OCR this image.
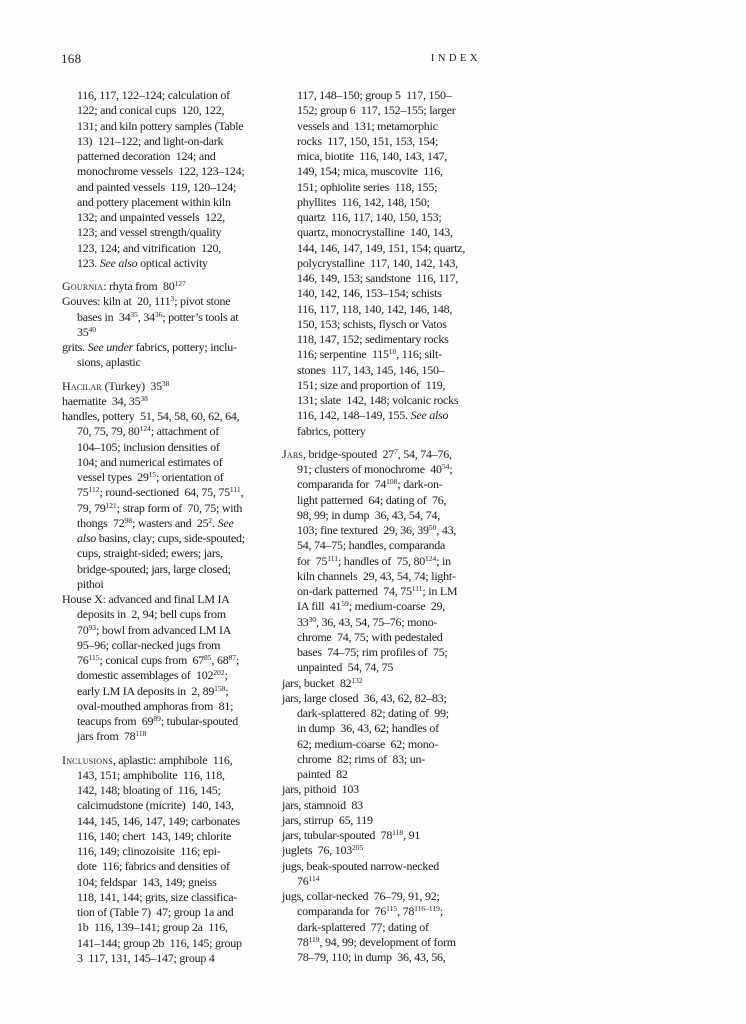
168	INDEX
116, 117, 122–124; calculation of
122; and conical cups  120, 122,
131; and kiln pottery samples (Table
13)  121–122; and light-on-dark
patterned decoration  124; and
monochrome vessels  122, 123–124;
and painted vessels  119, 120–124;
and pottery placement within kiln
132; and unpainted vessels  122,
123; and vessel strength/quality
123, 124; and vitrification  120,
123. See also optical activity
Gournia: rhyta from  $80^{127}$
Gouves: kiln at  20, $111^3$; pivot stone
bases in  $34^{35}$, $34^{36}$; potter’s tools at
$35^{40}$
grits. See under fabrics, pottery; inclu-
sions, aplastic
Hacilar (Turkey)  $35^{38}$
haematite  34, $35^{38}$
handles, pottery  51, 54, 58, 60, 62, 64,
70, 75, 79, $80^{124}$; attachment of
104–105; inclusion densities of
104; and numerical estimates of
vessel types  $29^{15}$; orientation of
$75^{112}$; round-sectioned  64, 75, $75^{111}$,
79, $79^{121}$; strap form of  70, 75; with
thongs  $72^{98}$; wasters and  $25^2$. See
also basins, clay; cups, side-spouted;
cups, straight-sided; ewers; jars,
bridge-spouted; jars, large closed;
pithoi
House X: advanced and final LM IA
deposits in  2, 94; bell cups from
$70^{93}$; bowl from advanced LM IA
95–96; collar-necked jugs from
$76^{115}$; conical cups from  $67^{85}$, $68^{87}$;
domestic assemblages of  $102^{202}$;
early LM IA deposits in  2, $89^{158}$;
oval-mouthed amphoras from  81;
teacups from  $69^{89}$; tubular-spouted
jars from  $78^{118}$
Inclusions, aplastic: amphibole  116,
143, 151; amphibolite  116, 118,
142, 148; bloating of  116, 145;
calcimudstone (micrite)  140, 143,
144, 145, 146, 147, 149; carbonates
116, 140; chert  143, 149; chlorite
116, 149; clinozoisite  116; epi-
dote  116; fabrics and densities of
104; feldspar  143, 149; gneiss
118, 141, 144; grits, size classifica-
tion of (Table 7)  47; group 1a and
1b  116, 139–141; group 2a  116,
141–144; group 2b  116, 145; group
3  117, 131, 145–147; group 4
117, 148–150; group 5  117, 150–
152; group 6  117, 152–155; larger
vessels and  131; metamorphic
rocks  117, 150, 151, 153, 154;
mica, biotite  116, 140, 143, 147,
149, 154; mica, muscovite  116,
151; ophiolite series  118, 155;
phyllites  116, 142, 148, 150;
quartz  116, 117, 140, 150, 153;
quartz, monocrystalline  140, 143,
144, 146, 147, 149, 151, 154; quartz,
polycrystalline  117, 140, 142, 143,
146, 149, 153; sandstone  116, 117,
140, 142, 146, 153–154; schists
116, 117, 118, 140, 142, 146, 148,
150, 153; schists, flysch or Vatos
118, 147, 152; sedimentary rocks
116; serpentine  $115^{10}$, 116; silt-
stones  117, 143, 145, 146, 150–
151; size and proportion of  119,
131; slate  142, 148; volcanic rocks
116, 142, 148–149, 155. See also
fabrics, pottery
Jars, bridge-spouted  $27^7$, 54, 74–76,
91; clusters of monochrome  $40^{54}$;
comparanda for  $74^{108}$; dark-on-
light patterned  64; dating of  76,
98, 99; in dump  36, 43, 54, 74,
103; fine textured  29, 36, $39^{50}$, 43,
54, 74–75; handles, comparanda
for  $75^{111}$; handles of  75, $80^{124}$; in
kiln channels  29, 43, 54, 74; light-
on-dark patterned  74, $75^{111}$; in LM
IA fill  $41^{59}$; medium-coarse  29,
$33^{30}$, 36, 43, 54, 75–76; mono-
chrome  74, 75; with pedestaled
bases  74–75; rim profiles of  75;
unpainted  54, 74, 75
jars, bucket  $82^{132}$
jars, large closed  36, 43, 62, 82–83;
dark-splattered  82; dating of  99;
in dump  36, 43, 62; handles of
62; medium-coarse  62; mono-
chrome  82; rims of  83; un-
painted  82
jars, pithoid  103
jars, stamnoid  83
jars, stirrup  65, 119
jars, tubular-spouted  $78^{118}$, 91
juglets  76, $103^{205}$
jugs, beak-spouted narrow-necked
$76^{114}$
jugs, collar-necked  76–79, 91, 92;
comparanda for  $76^{115}$, 78$^{116-119}$;
dark-splattered  77; dating of
$78^{119}$, 94, 99; development of form
78–79, 110; in dump  36, 43, 56,
